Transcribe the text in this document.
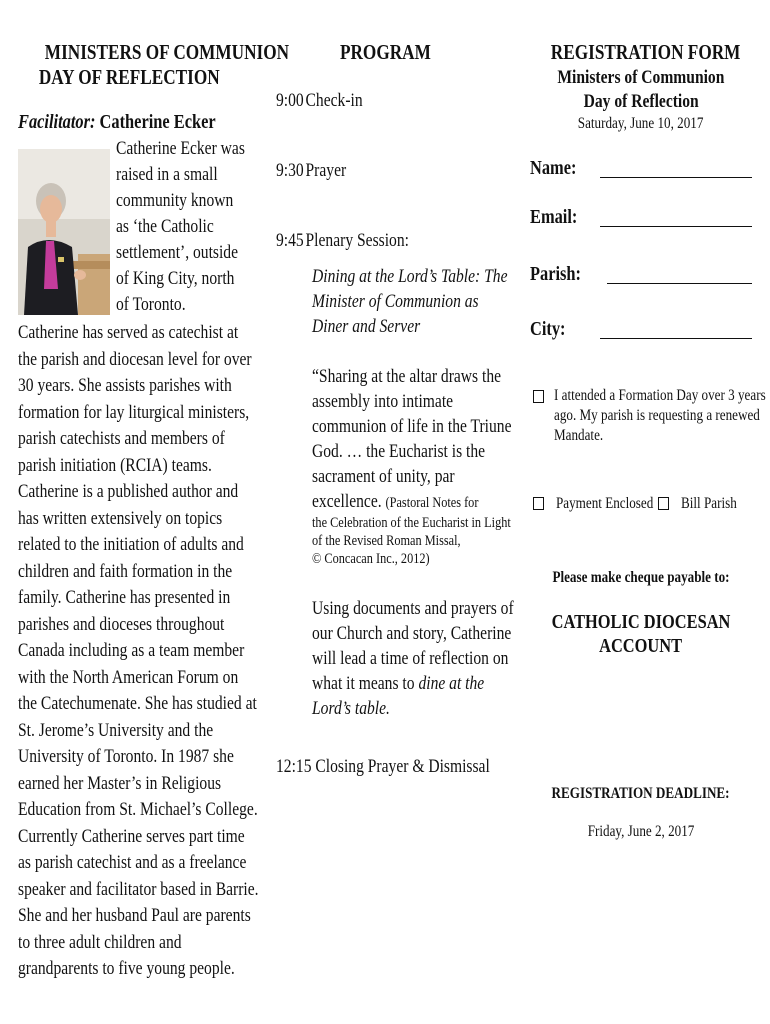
MINISTERS OF COMMUNION
DAY OF REFLECTION
Facilitator: Catherine Ecker
Catherine Ecker was
raised in a small
community known
as ‘the Catholic
settlement’, outside
of King City, north
of Toronto.
Catherine has served as catechist at
the parish and diocesan level for over
30 years. She assists parishes with
formation for lay liturgical ministers,
parish catechists and members of
parish initiation (RCIA) teams.
Catherine is a published author and
has written extensively on topics
related to the initiation of adults and
children and faith formation in the
family. Catherine has presented in
parishes and dioceses throughout
Canada including as a team member
with the North American Forum on
the Catechumenate. She has studied at
St. Jerome’s University and the
University of Toronto. In 1987 she
earned her Master’s in Religious
Education from St. Michael’s College.
Currently Catherine serves part time
as parish catechist and as a freelance
speaker and facilitator based in Barrie.
She and her husband Paul are parents
to three adult children and
grandparents to five young people.
PROGRAM
9:00Check-in
9:30Prayer
9:45Plenary Session:
Dining at the Lord’s Table: The
Minister of Communion as
Diner and Server
“Sharing at the altar draws the
assembly into intimate
communion of life in the Triune
God. … the Eucharist is the
sacrament of unity, par
excellence. (Pastoral Notes for
the Celebration of the Eucharist in Light
of the Revised Roman Missal,
© Concacan Inc., 2012)
Using documents and prayers of
our Church and story, Catherine
will lead a time of reflection on
what it means to dine at the
Lord’s table.
12:15 Closing Prayer & Dismissal
REGISTRATION FORM
Ministers of Communion
Day of Reflection
Saturday, June 10, 2017
Name:
Email:
Parish:
City:
I attended a Formation Day over 3 years
ago. My parish is requesting a renewed
Mandate.
Payment Enclosed	Bill Parish
Please make cheque payable to:
CATHOLIC DIOCESAN
ACCOUNT
REGISTRATION DEADLINE:
Friday, June 2, 2017
